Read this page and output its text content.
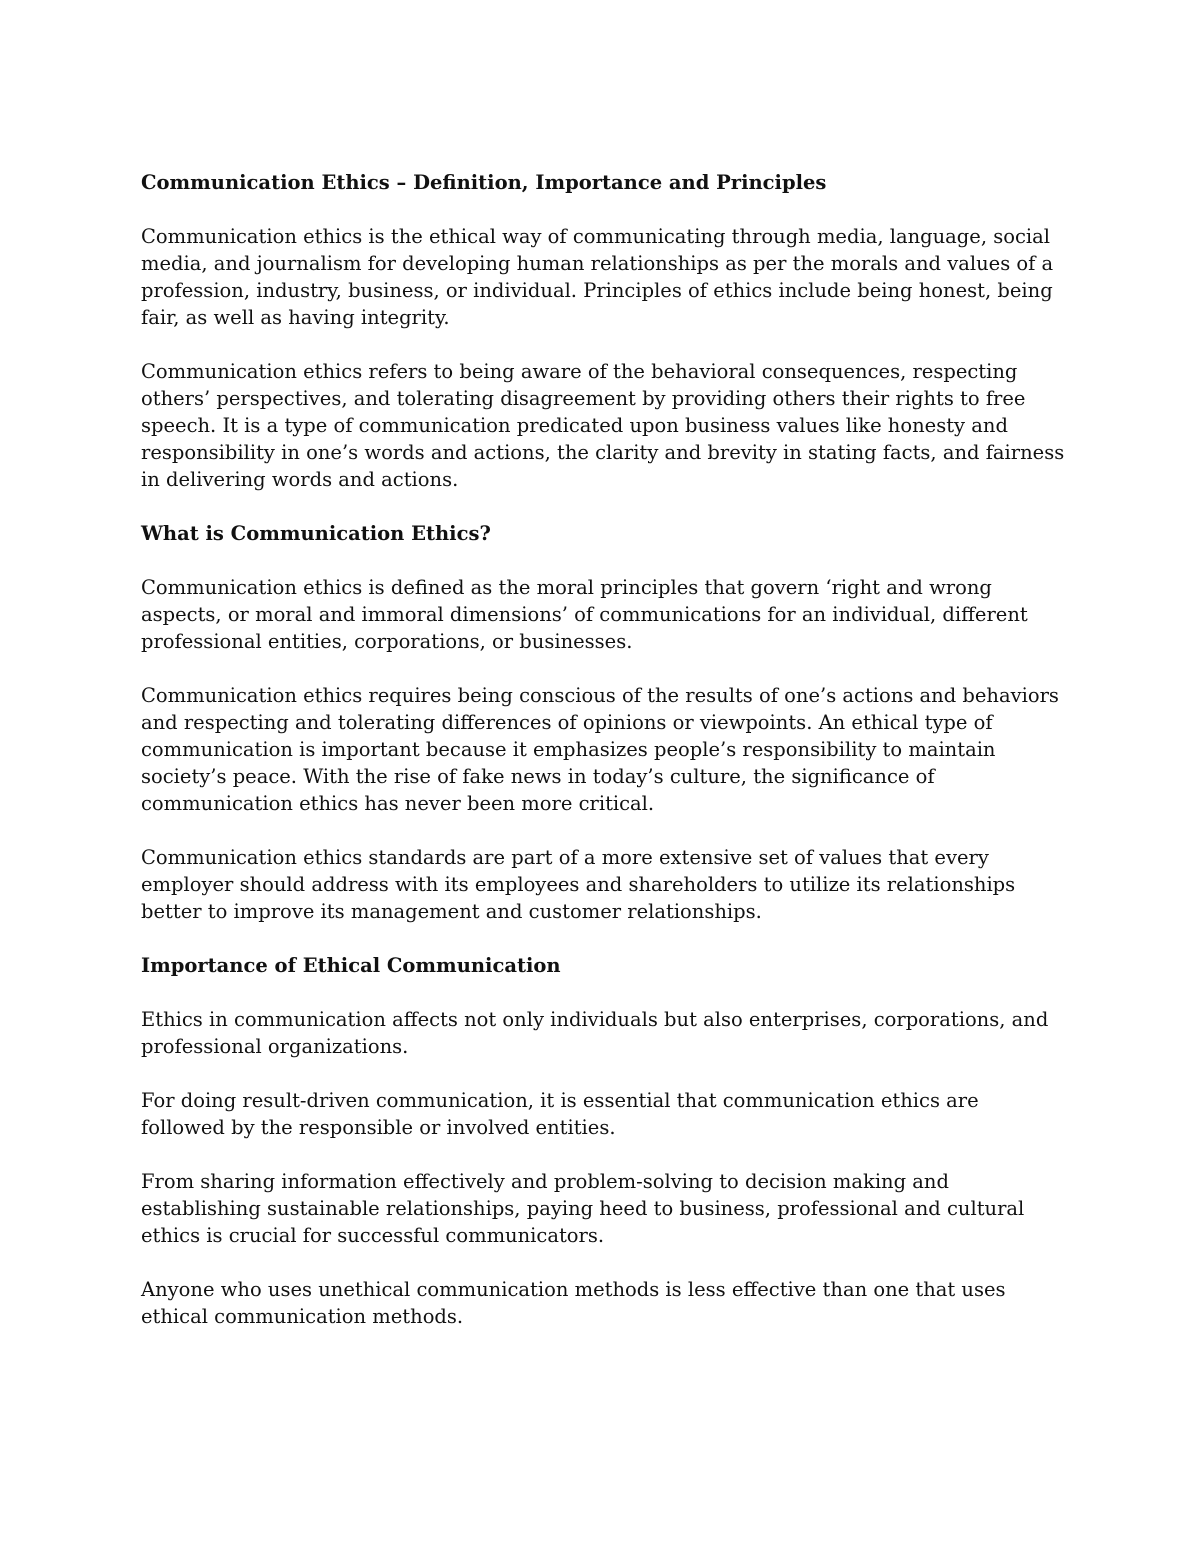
Communication Ethics – Definition, Importance and Principles

Communication ethics is the ethical way of communicating through media, language, social media, and journalism for developing human relationships as per the morals and values of a profession, industry, business, or individual. Principles of ethics include being honest, being fair, as well as having integrity.

Communication ethics refers to being aware of the behavioral consequences, respecting others’ perspectives, and tolerating disagreement by providing others their rights to free speech. It is a type of communication predicated upon business values like honesty and responsibility in one’s words and actions, the clarity and brevity in stating facts, and fairness in delivering words and actions.

What is Communication Ethics?

Communication ethics is defined as the moral principles that govern ‘right and wrong aspects, or moral and immoral dimensions’ of communications for an individual, different professional entities, corporations, or businesses.

Communication ethics requires being conscious of the results of one’s actions and behaviors and respecting and tolerating differences of opinions or viewpoints. An ethical type of communication is important because it emphasizes people’s responsibility to maintain society’s peace. With the rise of fake news in today’s culture, the significance of communication ethics has never been more critical.

Communication ethics standards are part of a more extensive set of values that every employer should address with its employees and shareholders to utilize its relationships better to improve its management and customer relationships.

Importance of Ethical Communication

Ethics in communication affects not only individuals but also enterprises, corporations, and professional organizations.

For doing result-driven communication, it is essential that communication ethics are followed by the responsible or involved entities.

From sharing information effectively and problem-solving to decision making and establishing sustainable relationships, paying heed to business, professional and cultural ethics is crucial for successful communicators.

Anyone who uses unethical communication methods is less effective than one that uses ethical communication methods.
